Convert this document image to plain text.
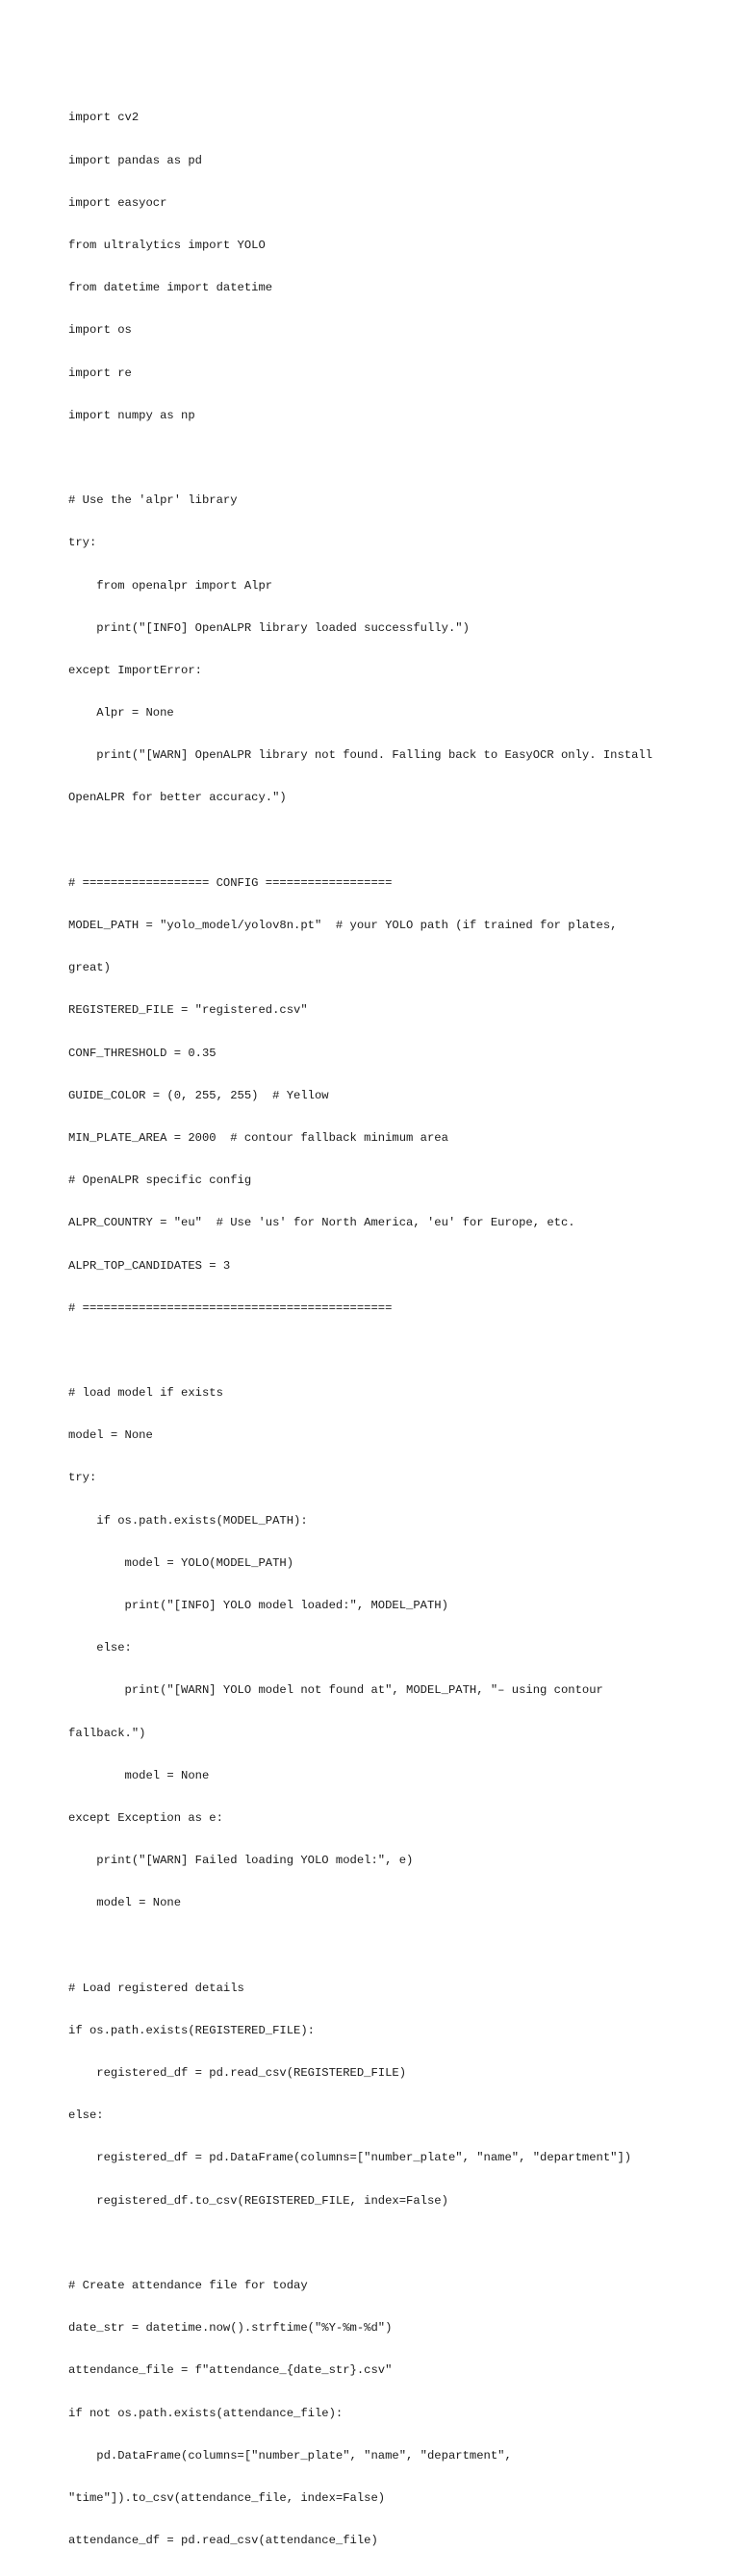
import cv2

import pandas as pd

import easyocr

from ultralytics import YOLO

from datetime import datetime

import os

import re

import numpy as np

# Use the 'alpr' library

try:

from openalpr import Alpr

print("[INFO] OpenALPR library loaded successfully.")

except ImportError:

Alpr = None

print("[WARN] OpenALPR library not found. Falling back to EasyOCR only. Install

OpenALPR for better accuracy.")

# ================== CONFIG ==================

MODEL_PATH = "yolo_model/yolov8n.pt"  # your YOLO path (if trained for plates,

great)

REGISTERED_FILE = "registered.csv"

CONF_THRESHOLD = 0.35

GUIDE_COLOR = (0, 255, 255)  # Yellow

MIN_PLATE_AREA = 2000  # contour fallback minimum area

# OpenALPR specific config

ALPR_COUNTRY = "eu"  # Use 'us' for North America, 'eu' for Europe, etc.

ALPR_TOP_CANDIDATES = 3

# ============================================

# load model if exists

model = None

try:

if os.path.exists(MODEL_PATH):

model = YOLO(MODEL_PATH)

print("[INFO] YOLO model loaded:", MODEL_PATH)

else:

print("[WARN] YOLO model not found at", MODEL_PATH, "– using contour

fallback.")

model = None

except Exception as e:

print("[WARN] Failed loading YOLO model:", e)

model = None

# Load registered details

if os.path.exists(REGISTERED_FILE):

registered_df = pd.read_csv(REGISTERED_FILE)

else:

registered_df = pd.DataFrame(columns=["number_plate", "name", "department"])

registered_df.to_csv(REGISTERED_FILE, index=False)

# Create attendance file for today

date_str = datetime.now().strftime("%Y-%m-%d")

attendance_file = f"attendance_{date_str}.csv"

if not os.path.exists(attendance_file):

pd.DataFrame(columns=["number_plate", "name", "department",

"time"]).to_csv(attendance_file, index=False)

attendance_df = pd.read_csv(attendance_file)
